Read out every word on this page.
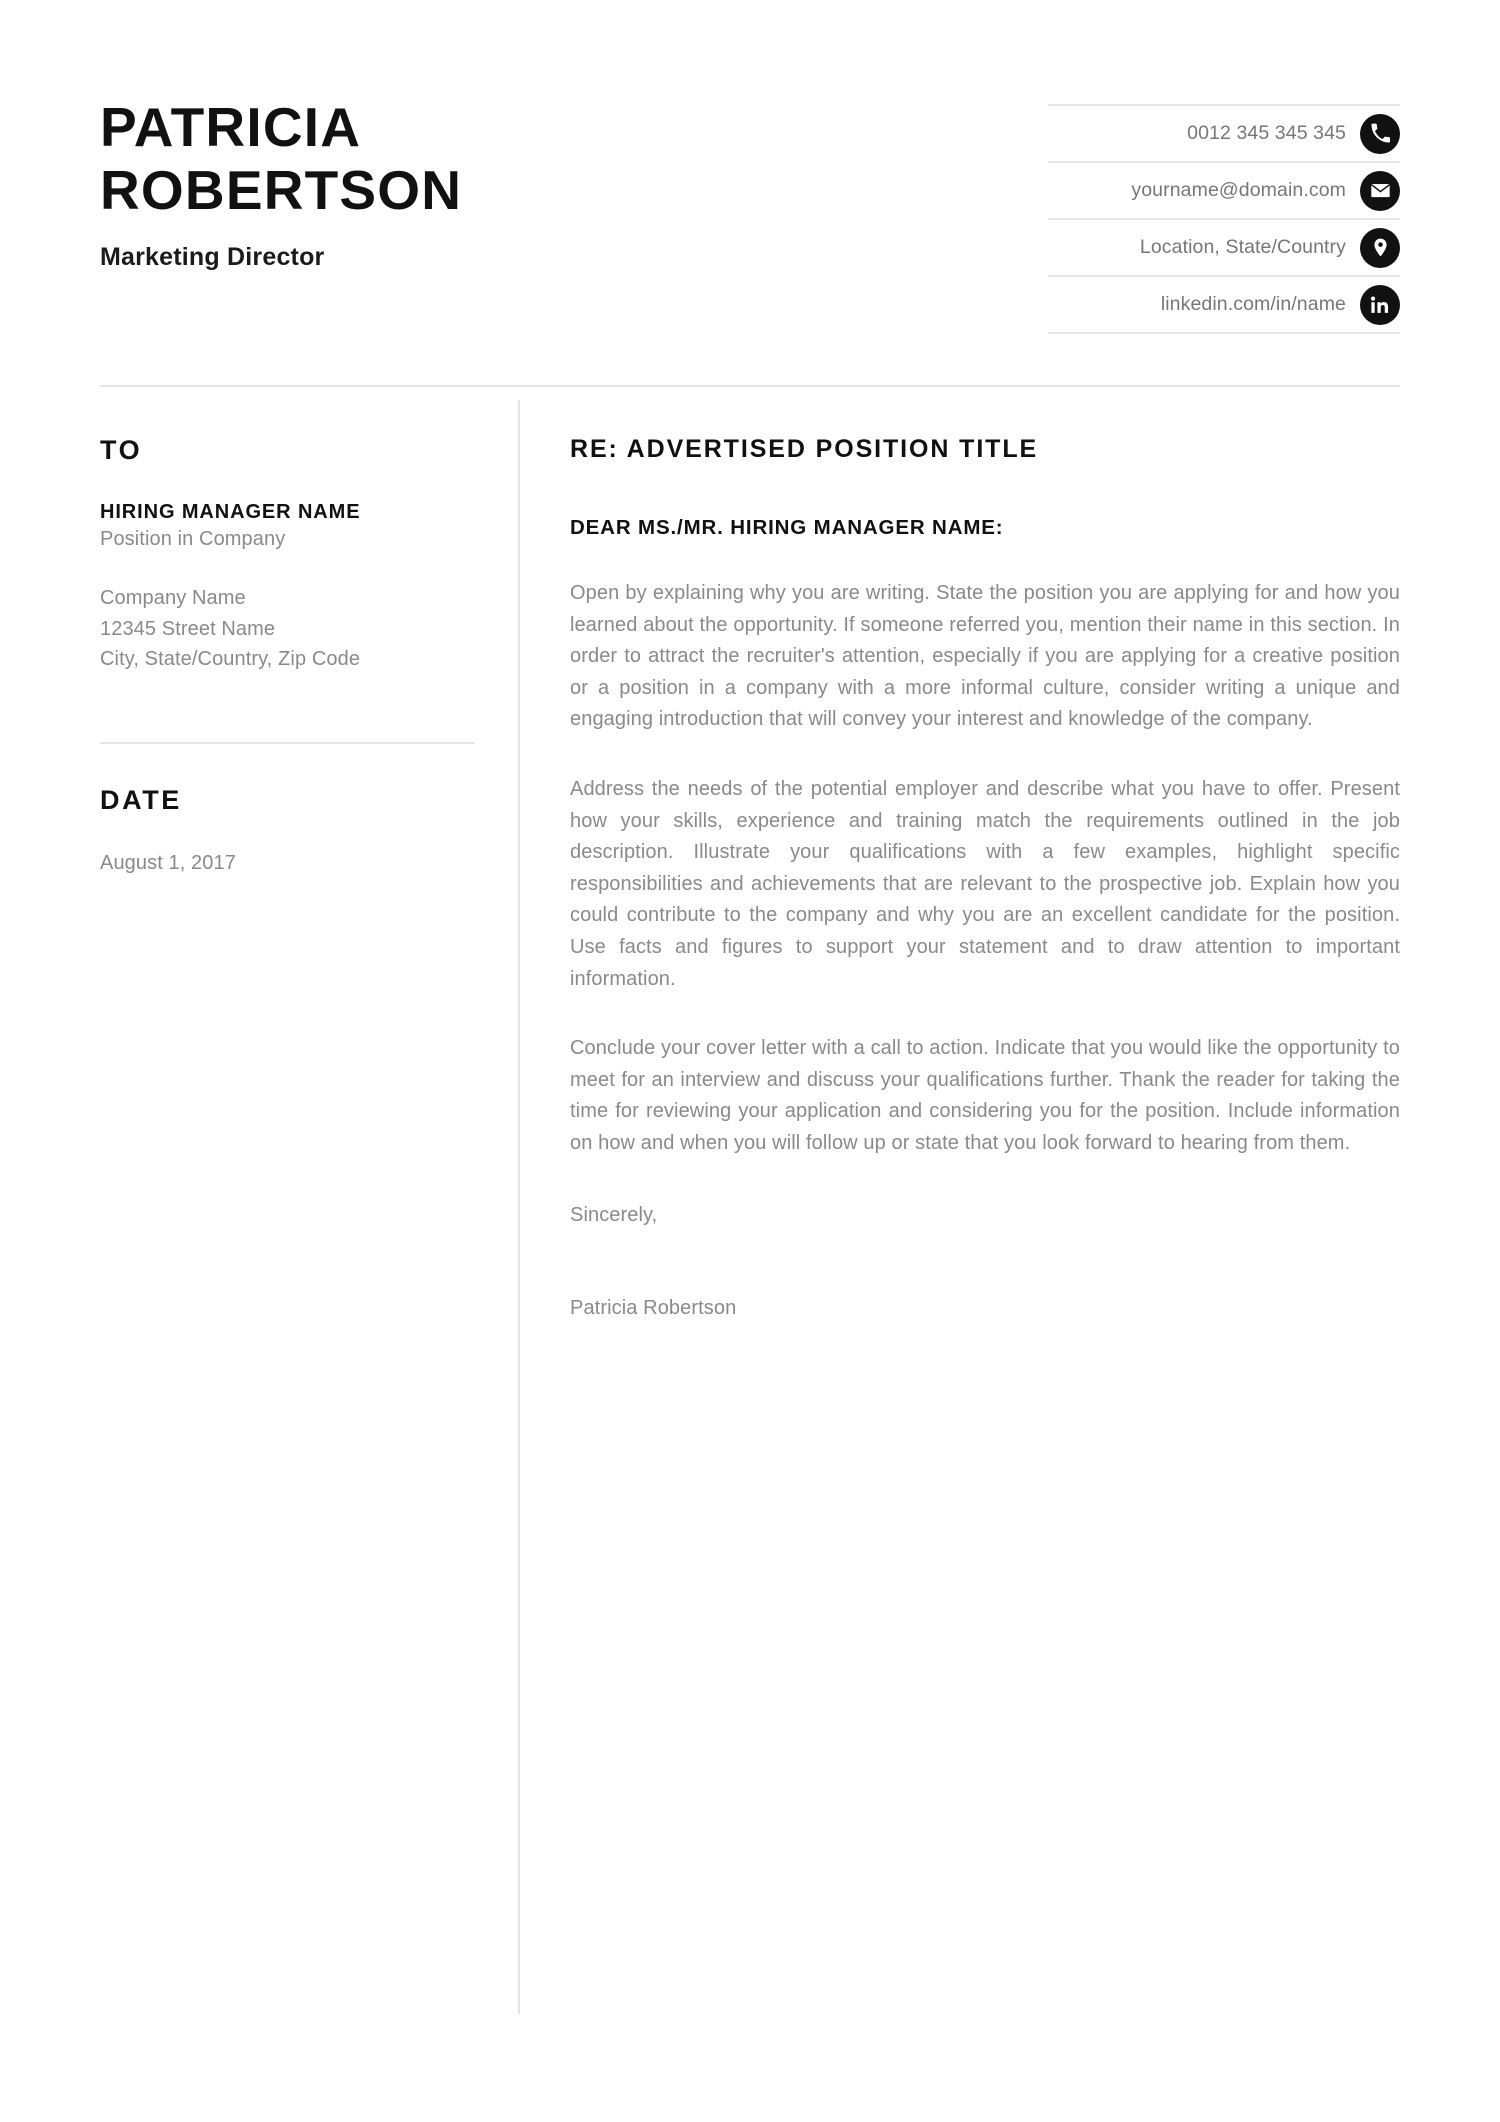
PATRICIA
ROBERTSON
Marketing Director
0012 345 345 345
yourname@domain.com
Location, State/Country
linkedin.com/in/name
TO
HIRING MANAGER NAME
Position in Company
Company Name
12345 Street Name
City, State/Country, Zip Code
DATE
August 1, 2017
RE: ADVERTISED POSITION TITLE
DEAR MS./MR. HIRING MANAGER NAME:

Open by explaining why you are writing. State the position you are applying for and how you learned about the opportunity. If someone referred you, mention their name in this section. In order to attract the recruiter's attention, especially if you are applying for a creative position or a position in a company with a more informal culture, consider writing a unique and engaging introduction that will convey your interest and knowledge of the company.

Address the needs of the potential employer and describe what you have to offer. Present how your skills, experience and training match the requirements outlined in the job description. Illustrate your qualifications with a few examples, highlight specific responsibilities and achievements that are relevant to the prospective job. Explain how you could contribute to the company and why you are an excellent candidate for the position. Use facts and figures to support your statement and to draw attention to important information.

Conclude your cover letter with a call to action. Indicate that you would like the opportunity to meet for an interview and discuss your qualifications further. Thank the reader for taking the time for reviewing your application and considering you for the position. Include information on how and when you will follow up or state that you look forward to hearing from them.

Sincerely,
Patricia Robertson
